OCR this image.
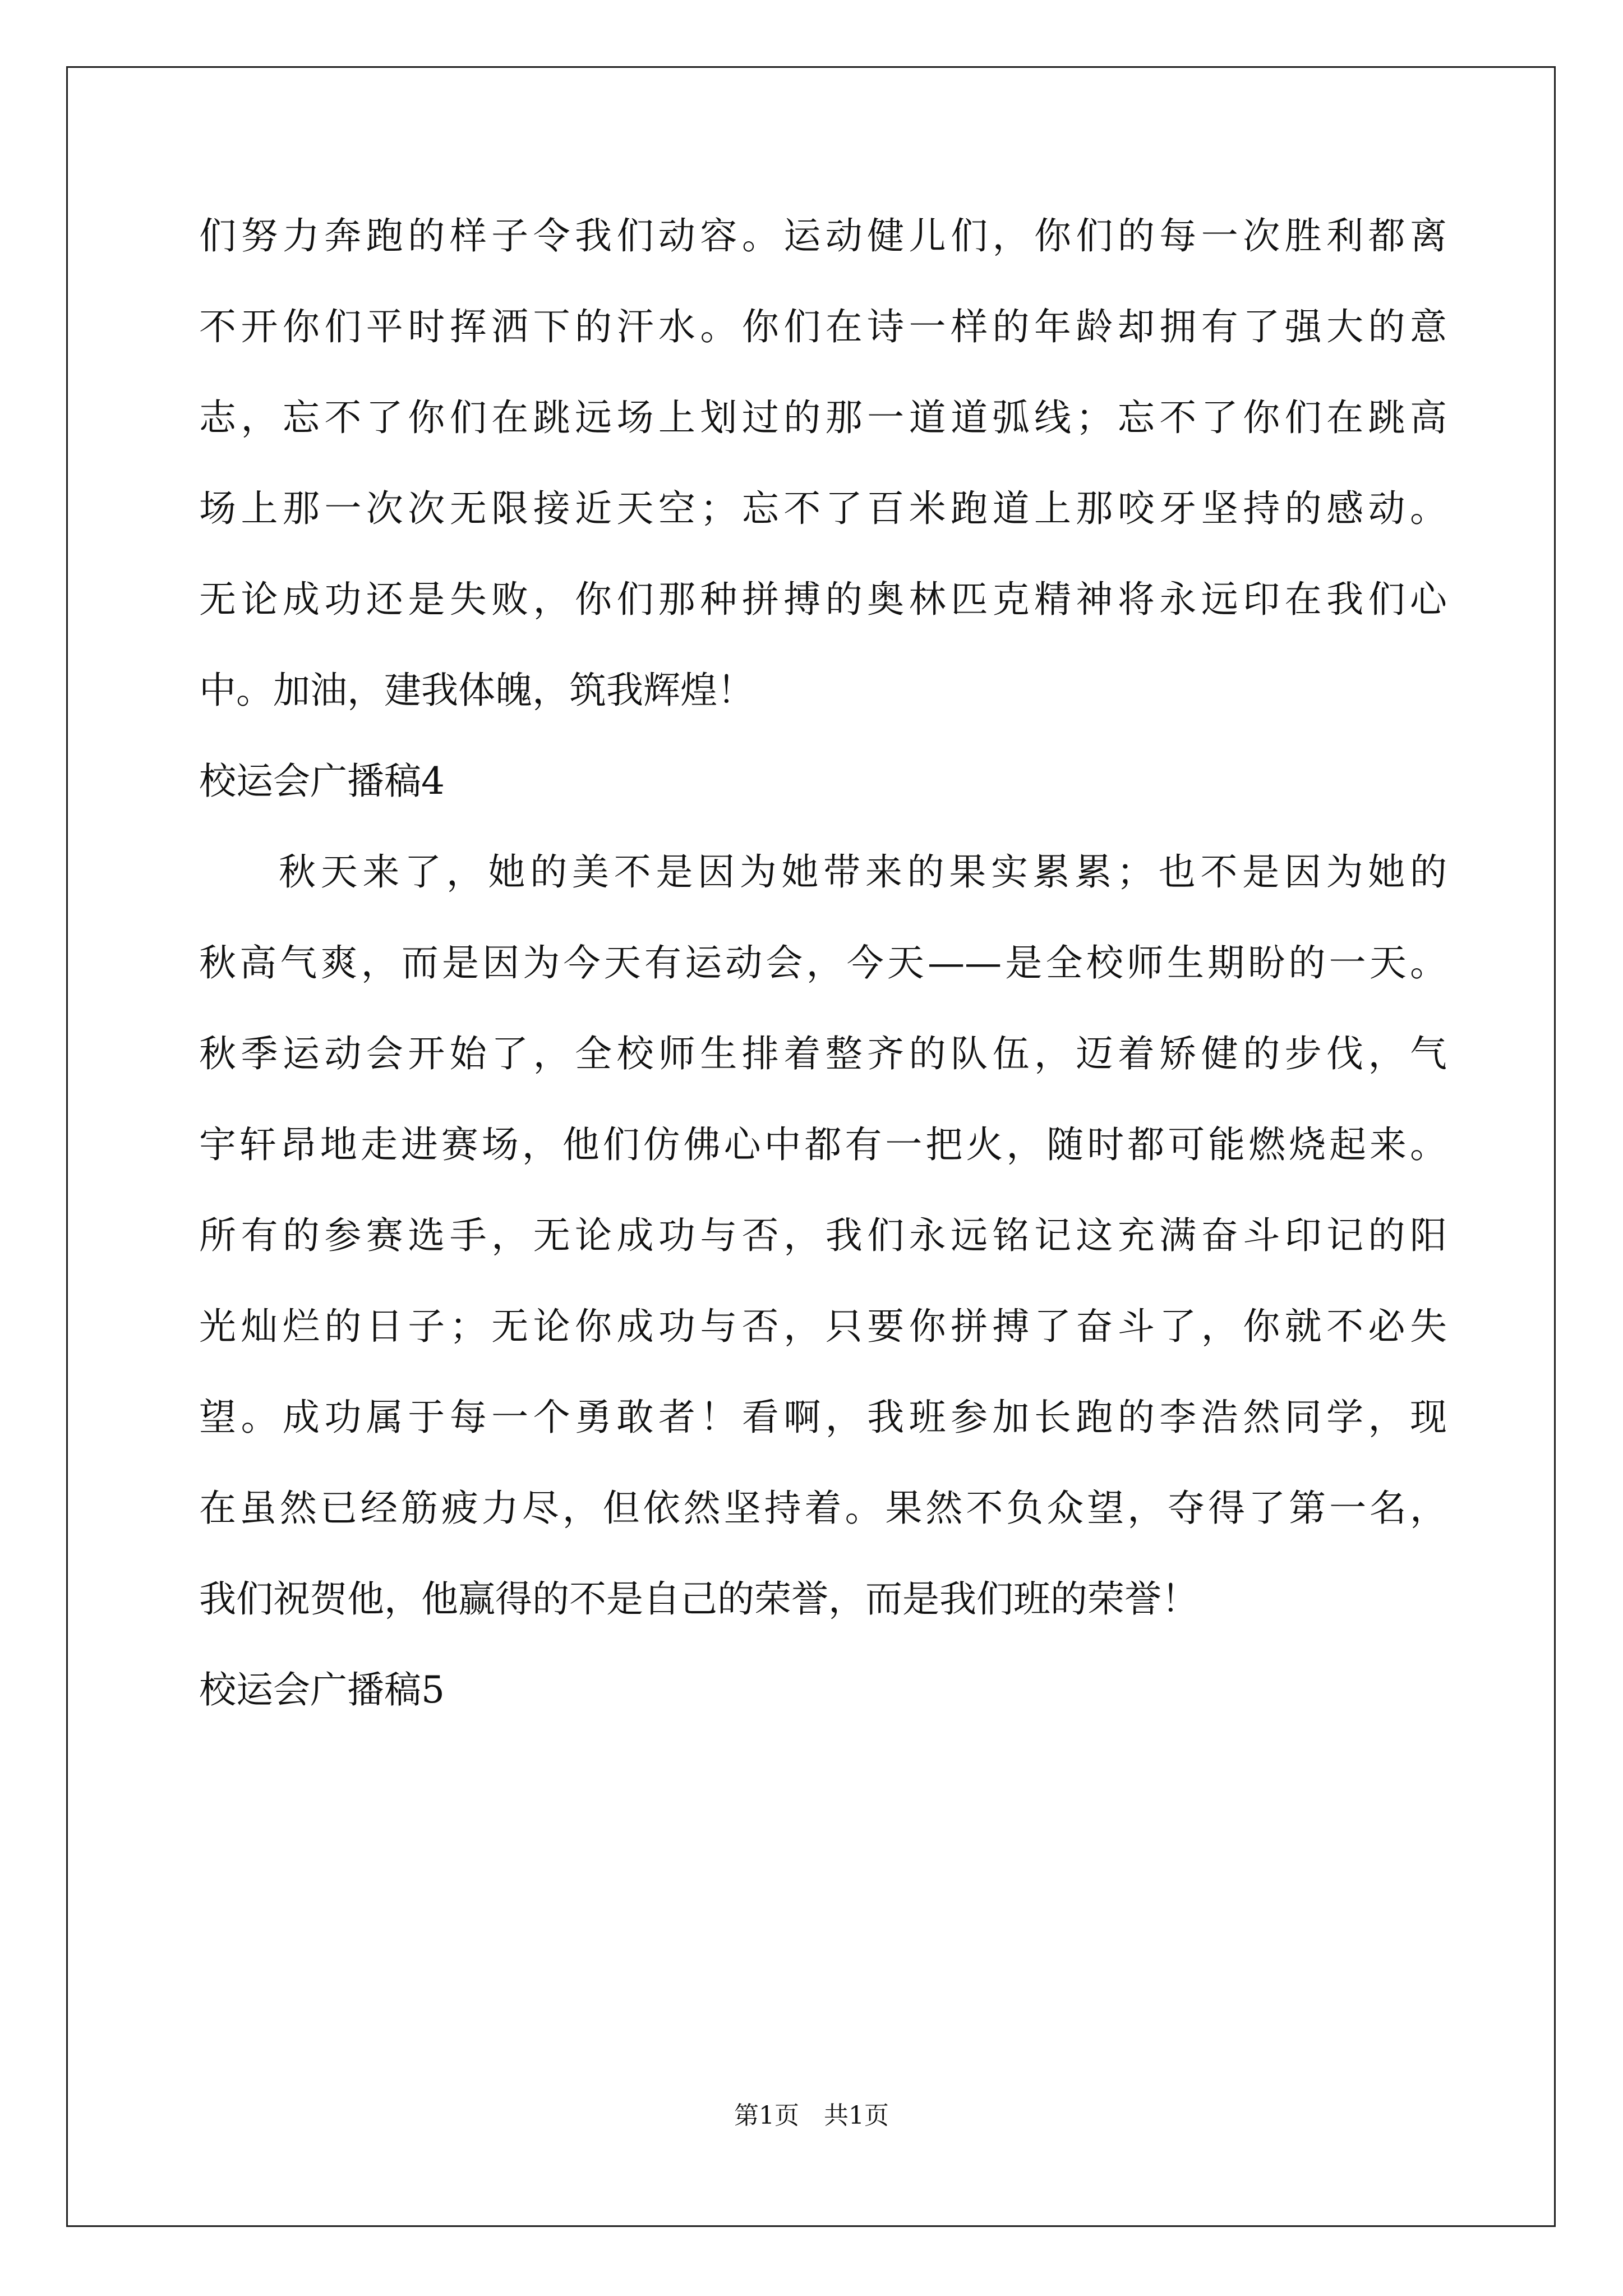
们努力奔跑的样子令我们动容。运动健儿们，你们的每一次胜利都离
不开你们平时挥洒下的汗水。你们在诗一样的年龄却拥有了强大的意
志，忘不了你们在跳远场上划过的那一道道弧线；忘不了你们在跳高
场上那一次次无限接近天空；忘不了百米跑道上那咬牙坚持的感动。
无论成功还是失败，你们那种拼搏的奥林匹克精神将永远印在我们心
中。加油，建我体魄，筑我辉煌！
校运会广播稿4
秋天来了，她的美不是因为她带来的果实累累；也不是因为她的
秋高气爽，而是因为今天有运动会，今天——是全校师生期盼的一天。
秋季运动会开始了，全校师生排着整齐的队伍，迈着矫健的步伐，气
宇轩昂地走进赛场，他们仿佛心中都有一把火，随时都可能燃烧起来。
所有的参赛选手，无论成功与否，我们永远铭记这充满奋斗印记的阳
光灿烂的日子；无论你成功与否，只要你拼搏了奋斗了，你就不必失
望。成功属于每一个勇敢者！看啊，我班参加长跑的李浩然同学，现
在虽然已经筋疲力尽，但依然坚持着。果然不负众望，夺得了第一名，
我们祝贺他，他赢得的不是自己的荣誉，而是我们班的荣誉！
校运会广播稿5
第1页　共1页
